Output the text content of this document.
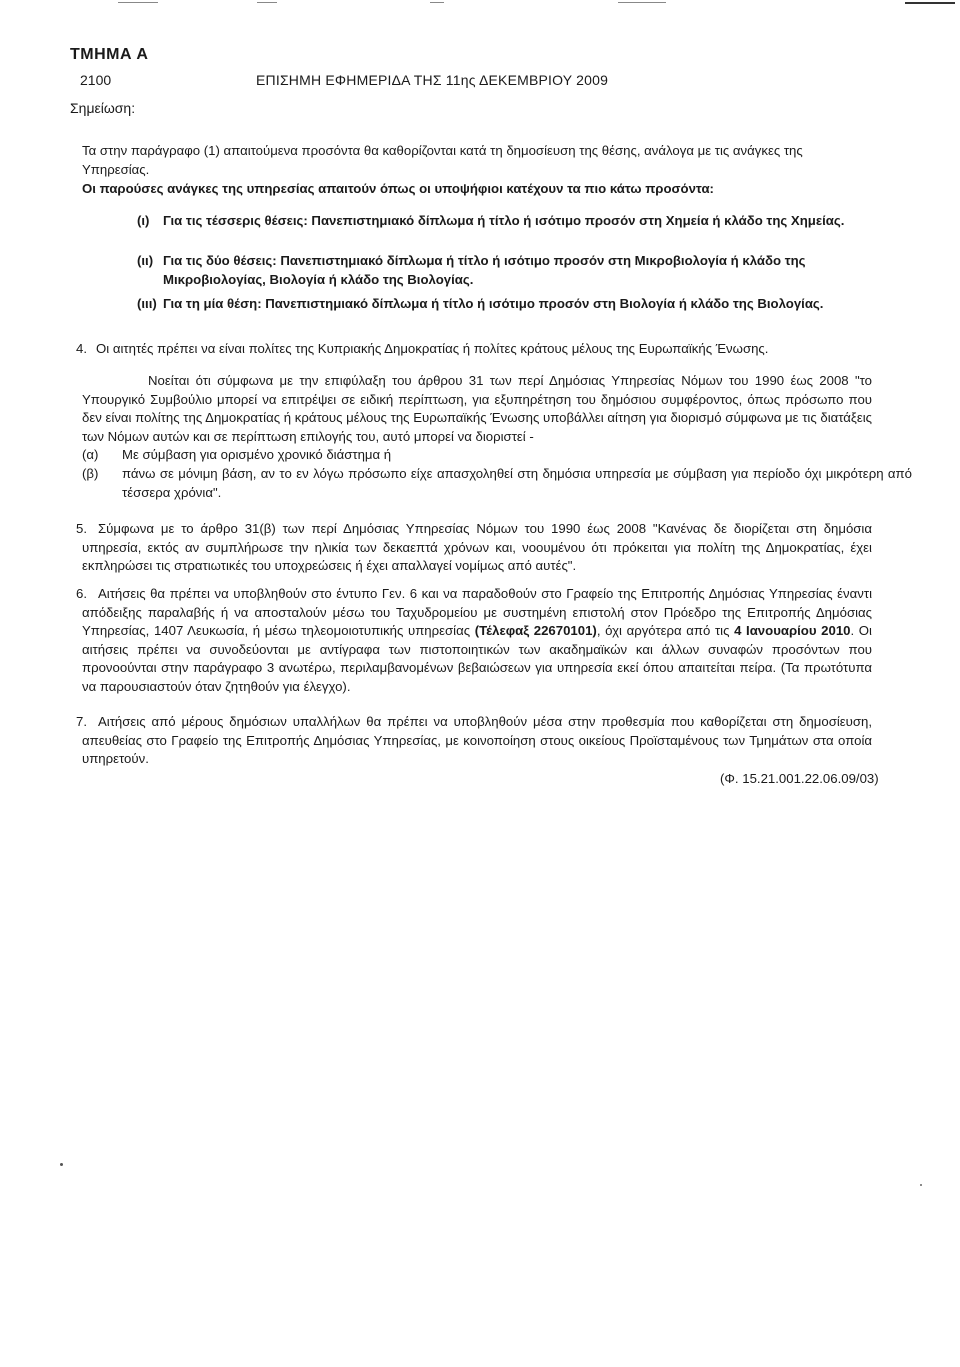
ΤΜΗΜΑ Α
2100	ΕΠΙΣΗΜΗ ΕΦΗΜΕΡΙΔΑ ΤΗΣ 11ης ΔΕΚΕΜΒΡΙΟΥ 2009
Σημείωση:
Τα στην παράγραφο (1) απαιτούμενα προσόντα θα καθορίζονται κατά τη δημοσίευση της θέσης, ανάλογα με τις ανάγκες της Υπηρεσίας.
Οι παρούσες ανάγκες της υπηρεσίας απαιτούν όπως οι υποψήφιοι κατέχουν τα πιο κάτω προσόντα:
(ι) Για τις τέσσερις θέσεις: Πανεπιστημιακό δίπλωμα ή τίτλο ή ισότιμο προσόν στη Χημεία ή κλάδο της Χημείας.
(ιι) Για τις δύο θέσεις: Πανεπιστημιακό δίπλωμα ή τίτλο ή ισότιμο προσόν στη Μικροβιολογία ή κλάδο της Μικροβιολογίας, Βιολογία ή κλάδο της Βιολογίας.
(ιιι) Για τη μία θέση: Πανεπιστημιακό δίπλωμα ή τίτλο ή ισότιμο προσόν στη Βιολογία ή κλάδο της Βιολογίας.
4. Οι αιτητές πρέπει να είναι πολίτες της Κυπριακής Δημοκρατίας ή πολίτες κράτους μέλους της Ευρωπαϊκής Ένωσης.
Νοείται ότι σύμφωνα με την επιφύλαξη του άρθρου 31 των περί Δημόσιας Υπηρεσίας Νόμων του 1990 έως 2008 "το Υπουργικό Συμβούλιο μπορεί να επιτρέψει σε ειδική περίπτωση, για εξυπηρέτηση του δημόσιου συμφέροντος, όπως πρόσωπο που δεν είναι πολίτης της Δημοκρατίας ή κράτους μέλους της Ευρωπαϊκής Ένωσης υποβάλλει αίτηση για διορισμό σύμφωνα με τις διατάξεις των Νόμων αυτών και σε περίπτωση επιλογής του, αυτό μπορεί να διοριστεί -
(α) Με σύμβαση για ορισμένο χρονικό διάστημα ή
(β) πάνω σε μόνιμη βάση, αν το εν λόγω πρόσωπο είχε απασχοληθεί στη δημόσια υπηρεσία με σύμβαση για περίοδο όχι μικρότερη από τέσσερα χρόνια".
5. Σύμφωνα με το άρθρο 31(β) των περί Δημόσιας Υπηρεσίας Νόμων του 1990 έως 2008 "Κανένας δε διορίζεται στη δημόσια υπηρεσία, εκτός αν συμπλήρωσε την ηλικία των δεκαεπτά χρόνων και, νοουμένου ότι πρόκειται για πολίτη της Δημοκρατίας, έχει εκπληρώσει τις στρατιωτικές του υποχρεώσεις ή έχει απαλλαγεί νομίμως από αυτές".
6. Αιτήσεις θα πρέπει να υποβληθούν στο έντυπο Γεν. 6 και να παραδοθούν στο Γραφείο της Επιτροπής Δημόσιας Υπηρεσίας έναντι απόδειξης παραλαβής ή να αποσταλούν μέσω του Ταχυδρομείου με συστημένη επιστολή στον Πρόεδρο της Επιτροπής Δημόσιας Υπηρεσίας, 1407 Λευκωσία, ή μέσω τηλεομοιοτυπικής υπηρεσίας (Τέλεφαξ 22670101), όχι αργότερα από τις 4 Ιανουαρίου 2010. Οι αιτήσεις πρέπει να συνοδεύονται με αντίγραφα των πιστοποιητικών των ακαδημαϊκών και άλλων συναφών προσόντων που προνοούνται στην παράγραφο 3 ανωτέρω, περιλαμβανομένων βεβαιώσεων για υπηρεσία εκεί όπου απαιτείται πείρα. (Τα πρωτότυπα να παρουσιαστούν όταν ζητηθούν για έλεγχο).
7. Αιτήσεις από μέρους δημόσιων υπαλλήλων θα πρέπει να υποβληθούν μέσα στην προθεσμία που καθορίζεται στη δημοσίευση, απευθείας στο Γραφείο της Επιτροπής Δημόσιας Υπηρεσίας, με κοινοποίηση στους οικείους Προϊσταμένους των Τμημάτων στα οποία υπηρετούν.
(Φ. 15.21.001.22.06.09/03)
